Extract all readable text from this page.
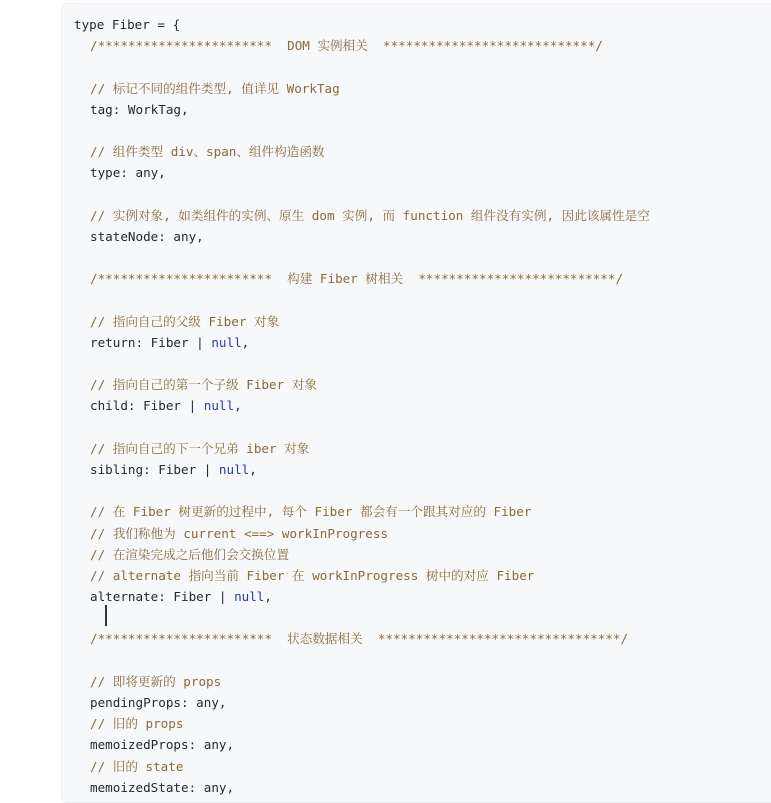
type Fiber = {
/***********************  DOM 实例相关  ****************************/
// 标记不同的组件类型, 值详见 WorkTag
tag: WorkTag,
// 组件类型 div、span、组件构造函数
type: any,
// 实例对象, 如类组件的实例、原生 dom 实例, 而 function 组件没有实例, 因此该属性是空
stateNode: any,
/***********************  构建 Fiber 树相关  **************************/
// 指向自己的父级 Fiber 对象
return: Fiber | null,
// 指向自己的第一个子级 Fiber 对象
child: Fiber | null,
// 指向自己的下一个兄弟 iber 对象
sibling: Fiber | null,
// 在 Fiber 树更新的过程中, 每个 Fiber 都会有一个跟其对应的 Fiber
// 我们称他为 current <==> workInProgress
// 在渲染完成之后他们会交换位置
// alternate 指向当前 Fiber 在 workInProgress 树中的对应 Fiber
alternate: Fiber | null,
/***********************  状态数据相关  ********************************/
// 即将更新的 props
pendingProps: any,
// 旧的 props
memoizedProps: any,
// 旧的 state
memoizedState: any,
